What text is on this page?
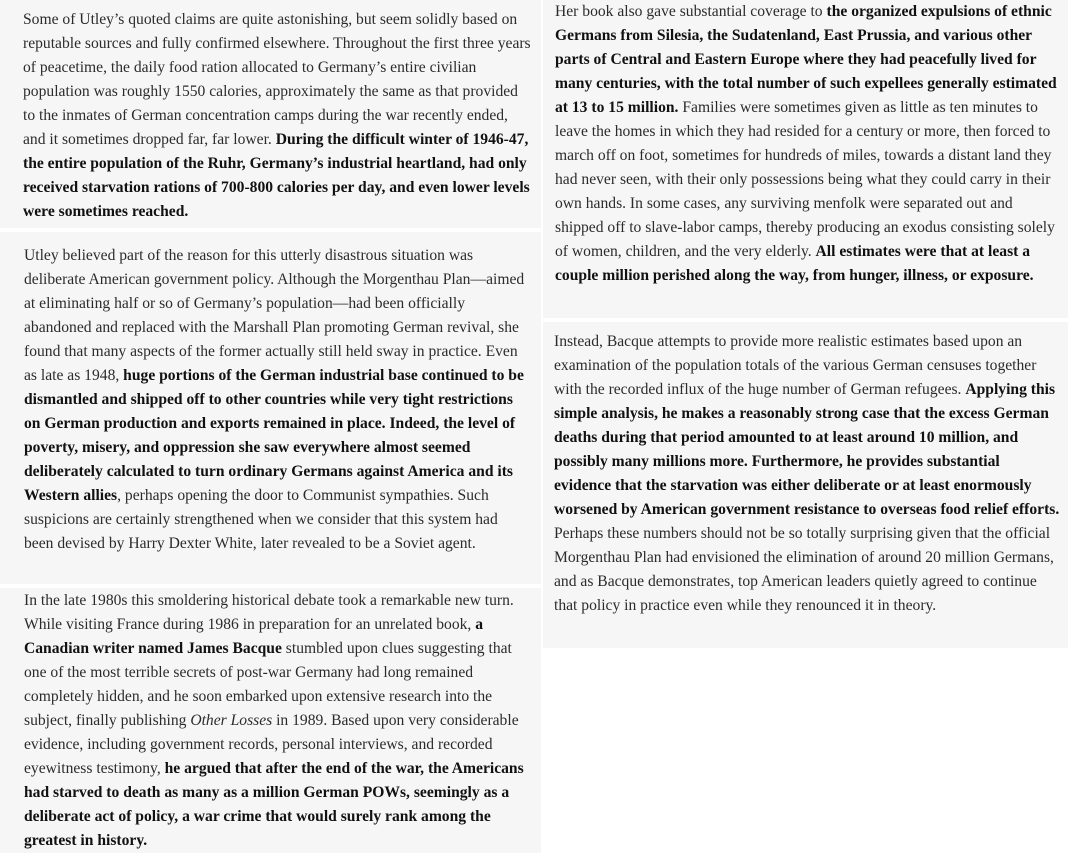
Some of Utley’s quoted claims are quite astonishing, but seem solidly based on reputable sources and fully confirmed elsewhere. Throughout the first three years of peacetime, the daily food ration allocated to Germany’s entire civilian population was roughly 1550 calories, approximately the same as that provided to the inmates of German concentration camps during the war recently ended, and it sometimes dropped far, far lower. During the difficult winter of 1946-47, the entire population of the Ruhr, Germany’s industrial heartland, had only received starvation rations of 700-800 calories per day, and even lower levels were sometimes reached.

Utley believed part of the reason for this utterly disastrous situation was deliberate American government policy. Although the Morgenthau Plan—aimed at eliminating half or so of Germany’s population—had been officially abandoned and replaced with the Marshall Plan promoting German revival, she found that many aspects of the former actually still held sway in practice. Even as late as 1948, huge portions of the German industrial base continued to be dismantled and shipped off to other countries while very tight restrictions on German production and exports remained in place. Indeed, the level of poverty, misery, and oppression she saw everywhere almost seemed deliberately calculated to turn ordinary Germans against America and its Western allies, perhaps opening the door to Communist sympathies. Such suspicions are certainly strengthened when we consider that this system had been devised by Harry Dexter White, later revealed to be a Soviet agent.

In the late 1980s this smoldering historical debate took a remarkable new turn. While visiting France during 1986 in preparation for an unrelated book, a Canadian writer named James Bacque stumbled upon clues suggesting that one of the most terrible secrets of post-war Germany had long remained completely hidden, and he soon embarked upon extensive research into the subject, finally publishing Other Losses in 1989. Based upon very considerable evidence, including government records, personal interviews, and recorded eyewitness testimony, he argued that after the end of the war, the Americans had starved to death as many as a million German POWs, seemingly as a deliberate act of policy, a war crime that would surely rank among the greatest in history.

Her book also gave substantial coverage to the organized expulsions of ethnic Germans from Silesia, the Sudatenland, East Prussia, and various other parts of Central and Eastern Europe where they had peacefully lived for many centuries, with the total number of such expellees generally estimated at 13 to 15 million. Families were sometimes given as little as ten minutes to leave the homes in which they had resided for a century or more, then forced to march off on foot, sometimes for hundreds of miles, towards a distant land they had never seen, with their only possessions being what they could carry in their own hands. In some cases, any surviving menfolk were separated out and shipped off to slave-labor camps, thereby producing an exodus consisting solely of women, children, and the very elderly. All estimates were that at least a couple million perished along the way, from hunger, illness, or exposure.

Instead, Bacque attempts to provide more realistic estimates based upon an examination of the population totals of the various German censuses together with the recorded influx of the huge number of German refugees. Applying this simple analysis, he makes a reasonably strong case that the excess German deaths during that period amounted to at least around 10 million, and possibly many millions more. Furthermore, he provides substantial evidence that the starvation was either deliberate or at least enormously worsened by American government resistance to overseas food relief efforts. Perhaps these numbers should not be so totally surprising given that the official Morgenthau Plan had envisioned the elimination of around 20 million Germans, and as Bacque demonstrates, top American leaders quietly agreed to continue that policy in practice even while they renounced it in theory.
